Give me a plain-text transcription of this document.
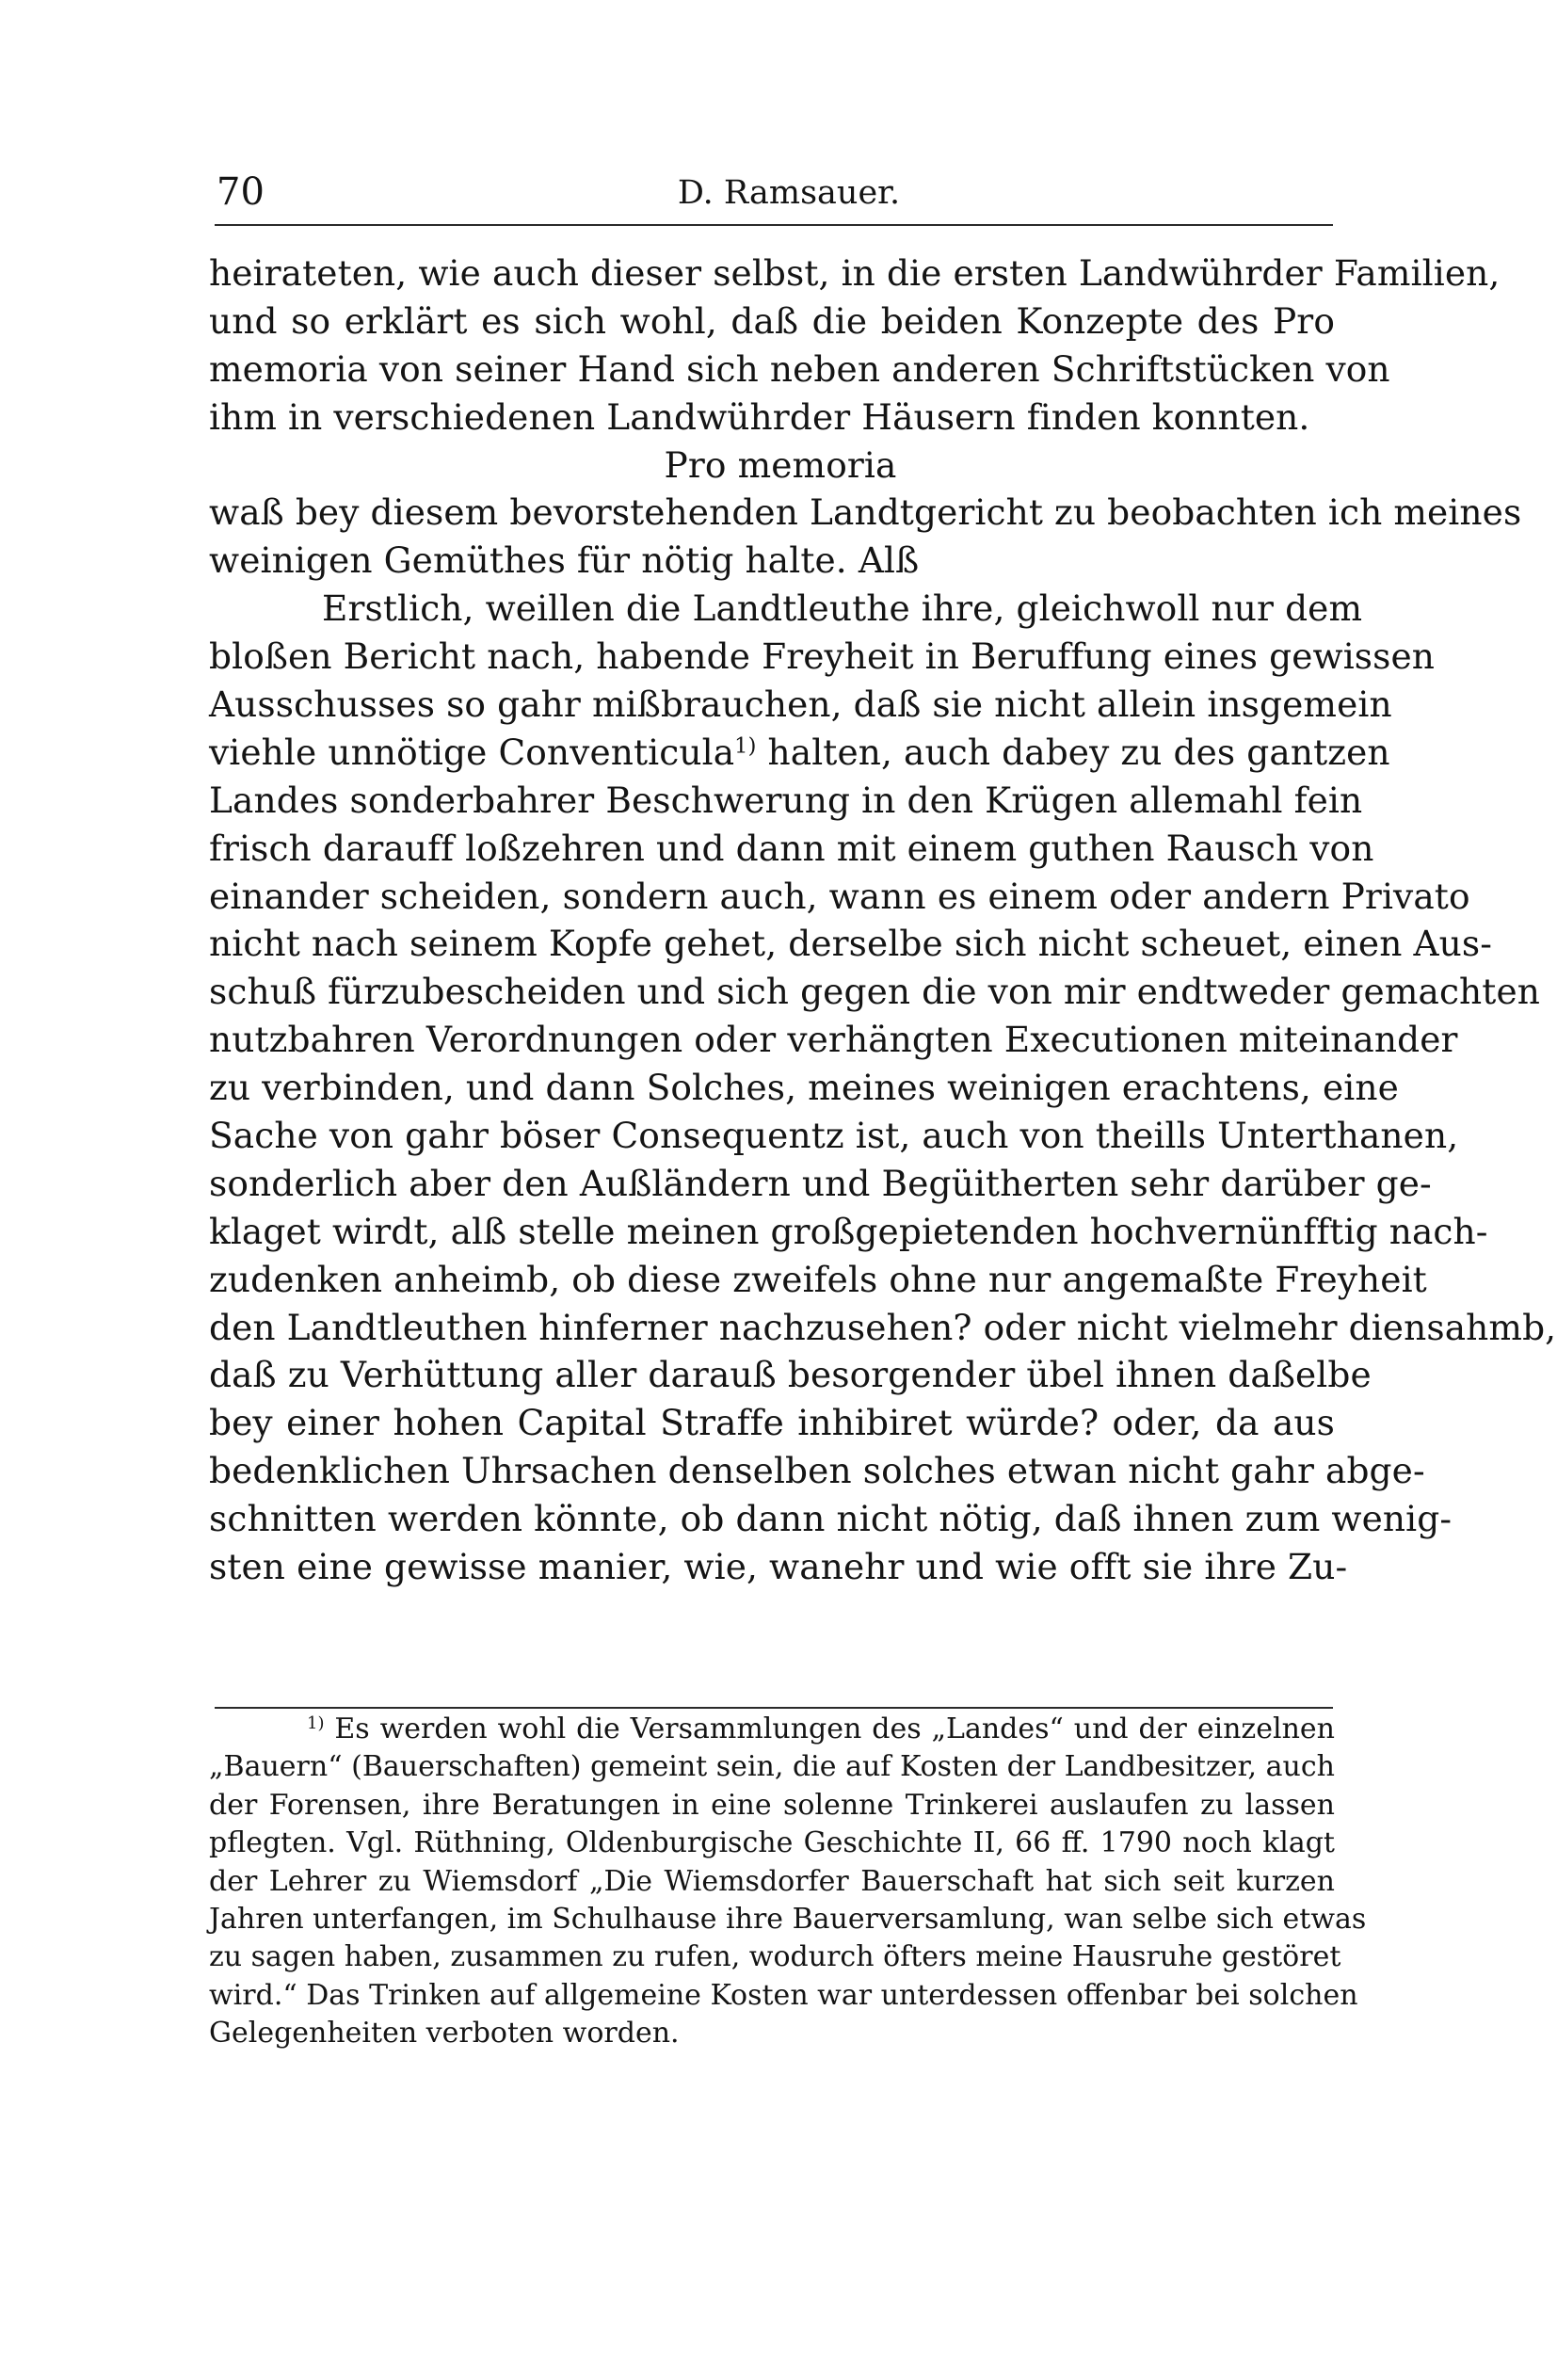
70	D. Ramsauer.
heirateten, wie auch dieser selbst, in die ersten Landwührder Familien,
und so erklärt es sich wohl, daß die beiden Konzepte des Pro
memoria von seiner Hand sich neben anderen Schriftstücken von
ihm in verschiedenen Landwührder Häusern finden konnten.
Pro memoria
waß bey diesem bevorstehenden Landtgericht zu beobachten ich meines
weinigen Gemüthes für nötig halte. Alß
Erstlich, weillen die Landtleuthe ihre, gleichwoll nur dem
bloßen Bericht nach, habende Freyheit in Beruffung eines gewissen
Ausschusses so gahr mißbrauchen, daß sie nicht allein insgemein
viehle unnötige Conventicula$^{1)}$ halten, auch dabey zu des gantzen
Landes sonderbahrer Beschwerung in den Krügen allemahl fein
frisch darauff loßzehren und dann mit einem guthen Rausch von
einander scheiden, sondern auch, wann es einem oder andern Privato
nicht nach seinem Kopfe gehet, derselbe sich nicht scheuet, einen Aus-
schuß fürzubescheiden und sich gegen die von mir endtweder gemachten
nutzbahren Verordnungen oder verhängten Executionen miteinander
zu verbinden, und dann Solches, meines weinigen erachtens, eine
Sache von gahr böser Consequentz ist, auch von theills Unterthanen,
sonderlich aber den Außländern und Begüitherten sehr darüber ge-
klaget wirdt, alß stelle meinen großgepietenden hochvernünfftig nach-
zudenken anheimb, ob diese zweifels ohne nur angemaßte Freyheit
den Landtleuthen hinferner nachzusehen? oder nicht vielmehr diensahmb,
daß zu Verhüttung aller darauß besorgender übel ihnen daßelbe
bey einer hohen Capital Straffe inhibiret würde? oder, da aus
bedenklichen Uhrsachen denselben solches etwan nicht gahr abge-
schnitten werden könnte, ob dann nicht nötig, daß ihnen zum wenig-
sten eine gewisse manier, wie, wanehr und wie offt sie ihre Zu-
$^{1)}$ Es werden wohl die Versammlungen des „Landes“ und der einzelnen
„Bauern“ (Bauerschaften) gemeint sein, die auf Kosten der Landbesitzer, auch
der Forensen, ihre Beratungen in eine solenne Trinkerei auslaufen zu lassen
pflegten. Vgl. Rüthning, Oldenburgische Geschichte II, 66 ff. 1790 noch klagt
der Lehrer zu Wiemsdorf „Die Wiemsdorfer Bauerschaft hat sich seit kurzen
Jahren unterfangen, im Schulhause ihre Bauerversamlung, wan selbe sich etwas
zu sagen haben, zusammen zu rufen, wodurch öfters meine Hausruhe gestöret
wird.“ Das Trinken auf allgemeine Kosten war unterdessen offenbar bei solchen
Gelegenheiten verboten worden.
